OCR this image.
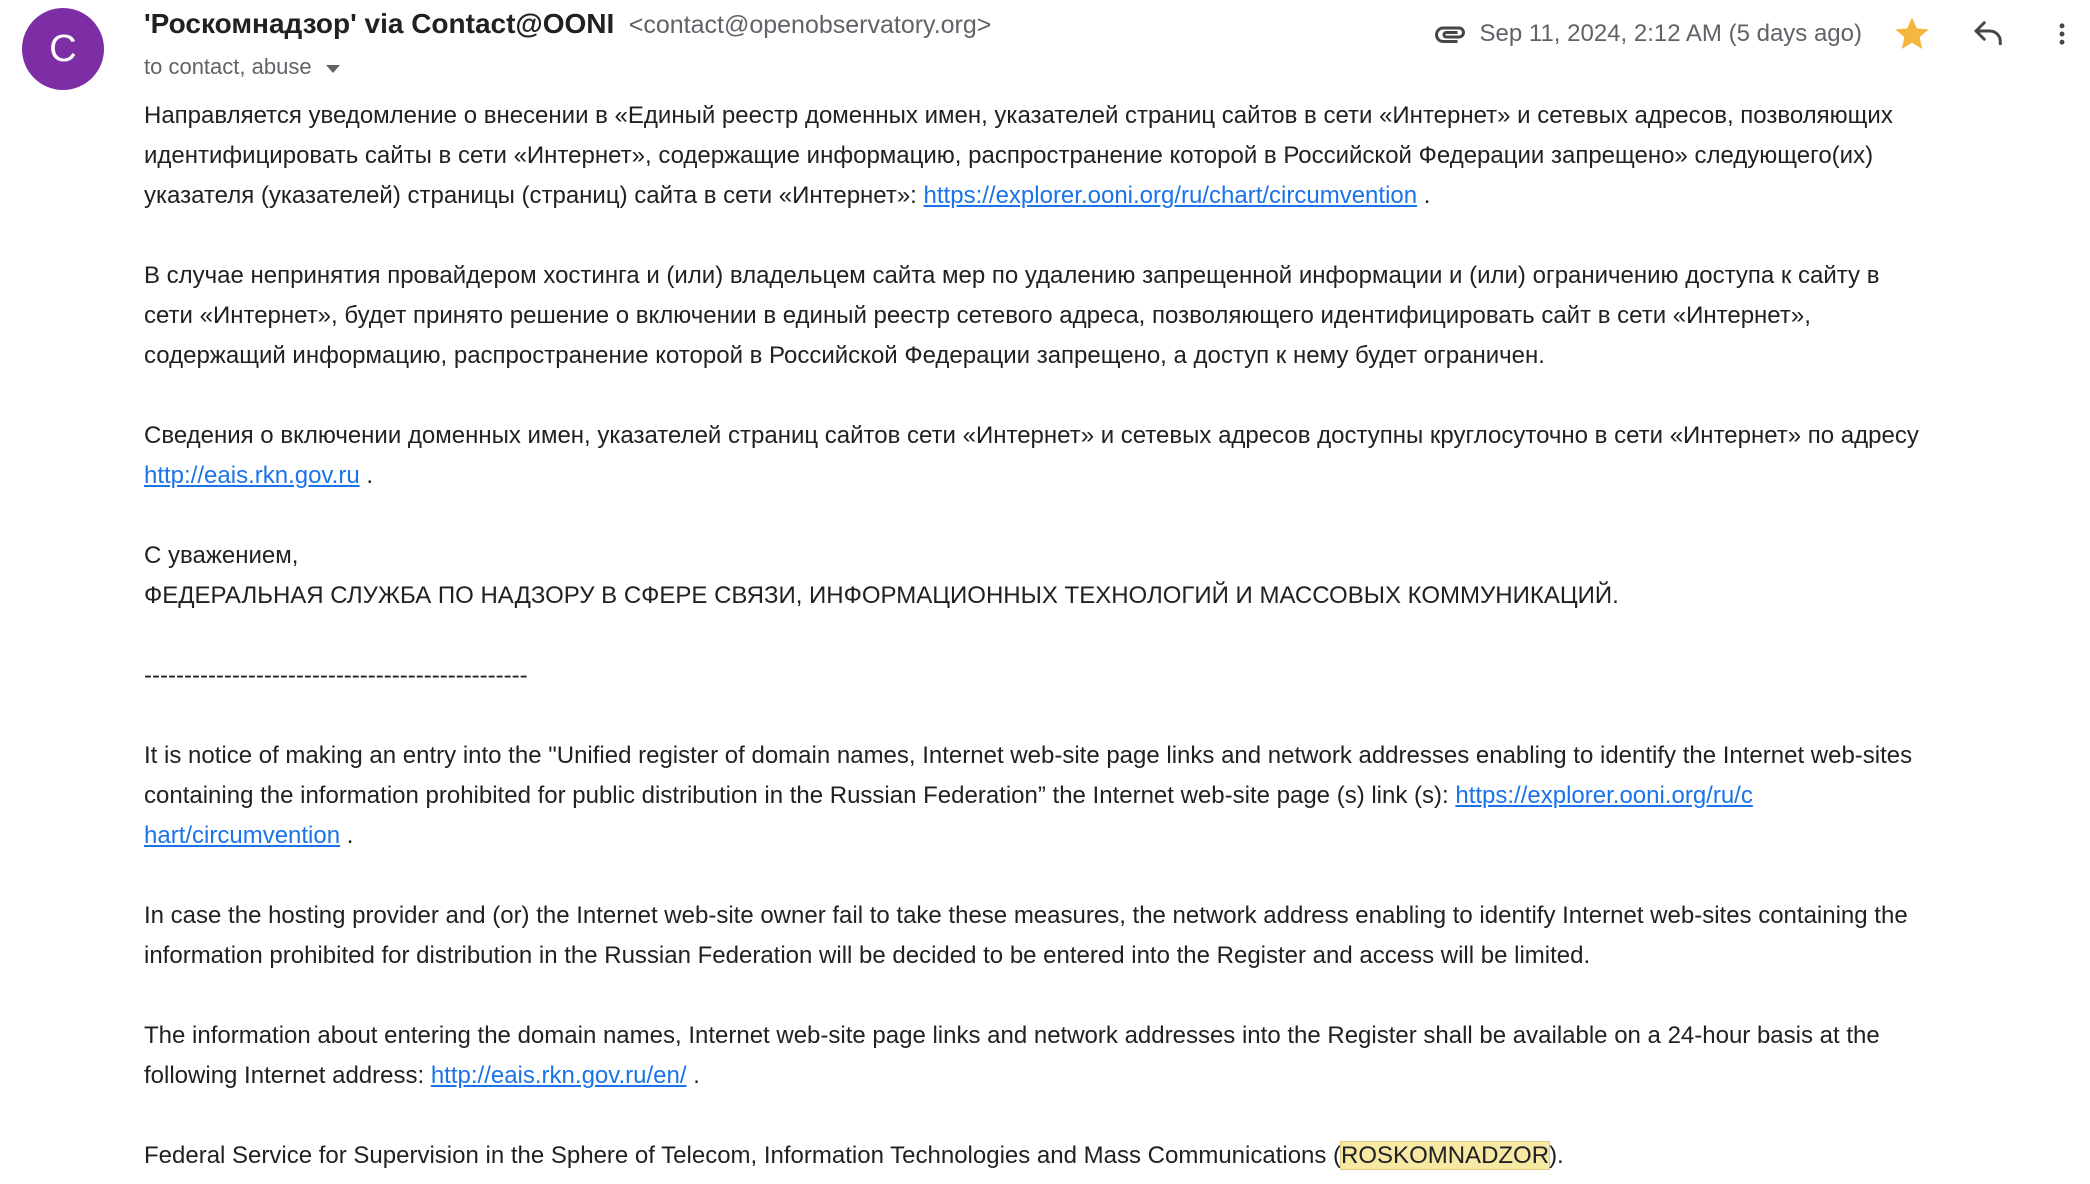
C
'Роскомнадзор' via Contact@OONI <contact@openobservatory.org>
to contact, abuse
Sep 11, 2024, 2:12 AM (5 days ago)

Направляется уведомление о внесении в «Единый реестр доменных имен, указателей страниц сайтов в сети «Интернет» и сетевых адресов, позволяющих
идентифицировать сайты в сети «Интернет», содержащие информацию, распространение которой в Российской Федерации запрещено» следующего(их)
указателя (указателей) страницы (страниц) сайта в сети «Интернет»: https://explorer.ooni.org/ru/chart/circumvention .

В случае непринятия провайдером хостинга и (или) владельцем сайта мер по удалению запрещенной информации и (или) ограничению доступа к сайту в
сети «Интернет», будет принято решение о включении в единый реестр сетевого адреса, позволяющего идентифицировать сайт в сети «Интернет»,
содержащий информацию, распространение которой в Российской Федерации запрещено, а доступ к нему будет ограничен.

Сведения о включении доменных имен, указателей страниц сайтов сети «Интернет» и сетевых адресов доступны круглосуточно в сети «Интернет» по адресу
http://eais.rkn.gov.ru .

С уважением,
ФЕДЕРАЛЬНАЯ СЛУЖБА ПО НАДЗОРУ В СФЕРЕ СВЯЗИ, ИНФОРМАЦИОННЫХ ТЕХНОЛОГИЙ И МАССОВЫХ КОММУНИКАЦИЙ.

------------------------------------------------

It is notice of making an entry into the "Unified register of domain names, Internet web-site page links and network addresses enabling to identify the Internet web-sites
containing the information prohibited for public distribution in the Russian Federation” the Internet web-site page (s) link (s): https://explorer.ooni.org/ru/c
hart/circumvention .

In case the hosting provider and (or) the Internet web-site owner fail to take these measures, the network address enabling to identify Internet web-sites containing the
information prohibited for distribution in the Russian Federation will be decided to be entered into the Register and access will be limited.

The information about entering the domain names, Internet web-site page links and network addresses into the Register shall be available on a 24-hour basis at the
following Internet address: http://eais.rkn.gov.ru/en/ .

Federal Service for Supervision in the Sphere of Telecom, Information Technologies and Mass Communications (ROSKOMNADZOR).
